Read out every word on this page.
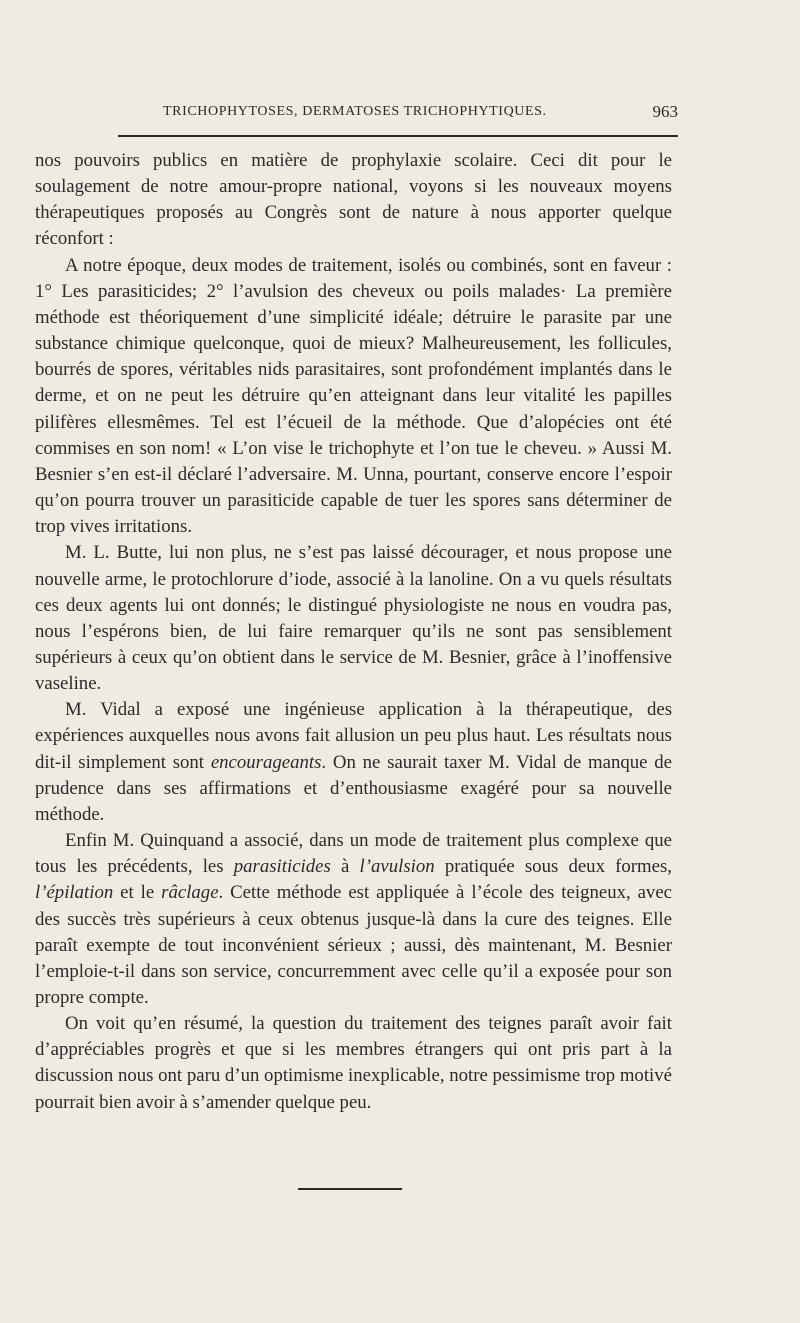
TRICHOPHYTOSES, DERMATOSES TRICHOPHYTIQUES.	963

nos pouvoirs publics en matière de prophylaxie scolaire. Ceci dit pour le soulagement de notre amour-propre national, voyons si les nouveaux moyens thérapeutiques proposés au Congrès sont de nature à nous apporter quelque réconfort :

A notre époque, deux modes de traitement, isolés ou combinés, sont en faveur : 1° Les parasiticides; 2° l’avulsion des cheveux ou poils malades· La première méthode est théoriquement d’une simplicité idéale; détruire le parasite par une substance chimique quelconque, quoi de mieux? Malheureusement, les follicules, bourrés de spores, véritables nids parasitaires, sont profondément implantés dans le derme, et on ne peut les détruire qu’en atteignant dans leur vitalité les papilles pilifères ellesmêmes. Tel est l’écueil de la méthode. Que d’alopécies ont été commises en son nom! « L’on vise le trichophyte et l’on tue le cheveu. » Aussi M. Besnier s’en est-il déclaré l’adversaire. M. Unna, pourtant, conserve encore l’espoir qu’on pourra trouver un parasiticide capable de tuer les spores sans déterminer de trop vives irritations.

M. L. Butte, lui non plus, ne s’est pas laissé décourager, et nous propose une nouvelle arme, le protochlorure d’iode, associé à la lanoline. On a vu quels résultats ces deux agents lui ont donnés; le distingué physiologiste ne nous en voudra pas, nous l’espérons bien, de lui faire remarquer qu’ils ne sont pas sensiblement supérieurs à ceux qu’on obtient dans le service de M. Besnier, grâce à l’inoffensive vaseline.

M. Vidal a exposé une ingénieuse application à la thérapeutique, des expériences auxquelles nous avons fait allusion un peu plus haut. Les résultats nous dit-il simplement sont encourageants. On ne saurait taxer M. Vidal de manque de prudence dans ses affirmations et d’enthousiasme exagéré pour sa nouvelle méthode.

Enfin M. Quinquand a associé, dans un mode de traitement plus complexe que tous les précédents, les parasiticides à l’avulsion pratiquée sous deux formes, l’épilation et le râclage. Cette méthode est appliquée à l’école des teigneux, avec des succès très supérieurs à ceux obtenus jusque-là dans la cure des teignes. Elle paraît exempte de tout inconvénient sérieux ; aussi, dès maintenant, M. Besnier l’emploie-t-il dans son service, concurremment avec celle qu’il a exposée pour son propre compte.

On voit qu’en résumé, la question du traitement des teignes paraît avoir fait d’appréciables progrès et que si les membres étrangers qui ont pris part à la discussion nous ont paru d’un optimisme inexplicable, notre pessimisme trop motivé pourrait bien avoir à s’amender quelque peu.
